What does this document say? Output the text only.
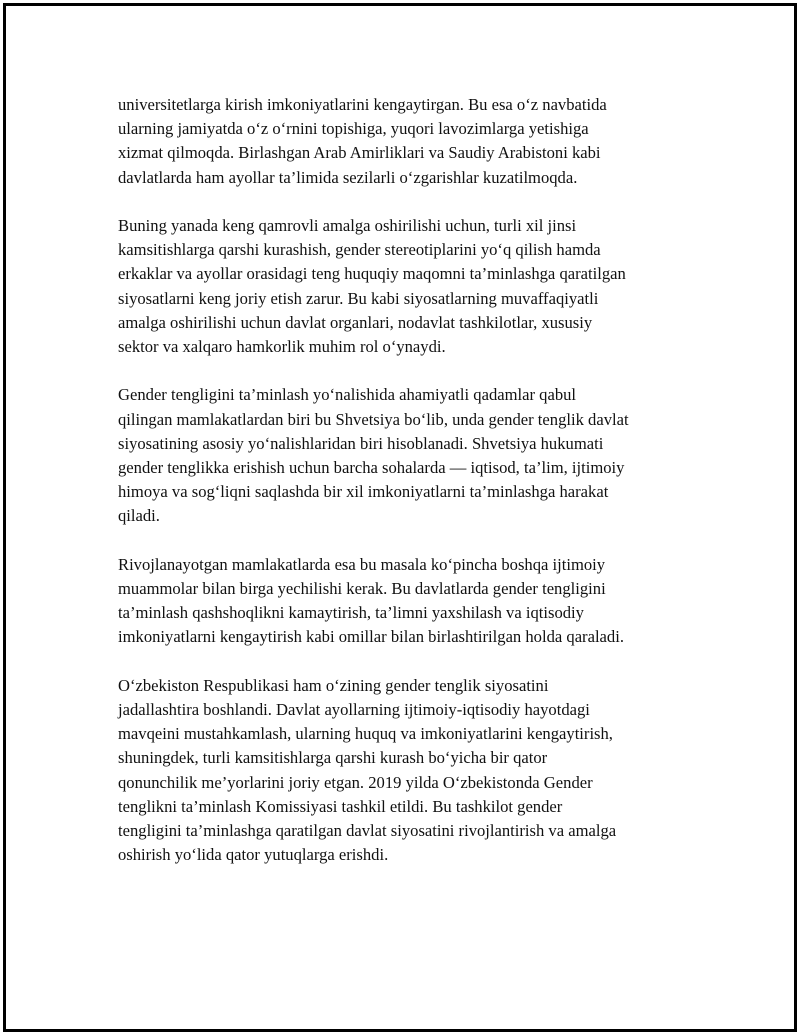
universitetlarga kirish imkoniyatlarini kengaytirgan. Bu esa o‘z navbatida
ularning jamiyatda o‘z o‘rnini topishiga, yuqori lavozimlarga yetishiga
xizmat qilmoqda. Birlashgan Arab Amirliklari va Saudiy Arabistoni kabi
davlatlarda ham ayollar ta’limida sezilarli o‘zgarishlar kuzatilmoqda.

Buning yanada keng qamrovli amalga oshirilishi uchun, turli xil jinsi
kamsitishlarga qarshi kurashish, gender stereotiplarini yo‘q qilish hamda
erkaklar va ayollar orasidagi teng huquqiy maqomni ta’minlashga qaratilgan
siyosatlarni keng joriy etish zarur. Bu kabi siyosatlarning muvaffaqiyatli
amalga oshirilishi uchun davlat organlari, nodavlat tashkilotlar, xususiy
sektor va xalqaro hamkorlik muhim rol o‘ynaydi.

Gender tengligini ta’minlash yo‘nalishida ahamiyatli qadamlar qabul
qilingan mamlakatlardan biri bu Shvetsiya bo‘lib, unda gender tenglik davlat
siyosatining asosiy yo‘nalishlaridan biri hisoblanadi. Shvetsiya hukumati
gender tenglikka erishish uchun barcha sohalarda — iqtisod, ta’lim, ijtimoiy
himoya va sog‘liqni saqlashda bir xil imkoniyatlarni ta’minlashga harakat
qiladi.

Rivojlanayotgan mamlakatlarda esa bu masala ko‘pincha boshqa ijtimoiy
muammolar bilan birga yechilishi kerak. Bu davlatlarda gender tengligini
ta’minlash qashshoqlikni kamaytirish, ta’limni yaxshilash va iqtisodiy
imkoniyatlarni kengaytirish kabi omillar bilan birlashtirilgan holda qaraladi.

O‘zbekiston Respublikasi ham o‘zining gender tenglik siyosatini
jadallashtira boshlandi. Davlat ayollarning ijtimoiy-iqtisodiy hayotdagi
mavqeini mustahkamlash, ularning huquq va imkoniyatlarini kengaytirish,
shuningdek, turli kamsitishlarga qarshi kurash bo‘yicha bir qator
qonunchilik me’yorlarini joriy etgan. 2019 yilda O‘zbekistonda Gender
tenglikni ta’minlash Komissiyasi tashkil etildi. Bu tashkilot gender
tengligini ta’minlashga qaratilgan davlat siyosatini rivojlantirish va amalga
oshirish yo‘lida qator yutuqlarga erishdi.
